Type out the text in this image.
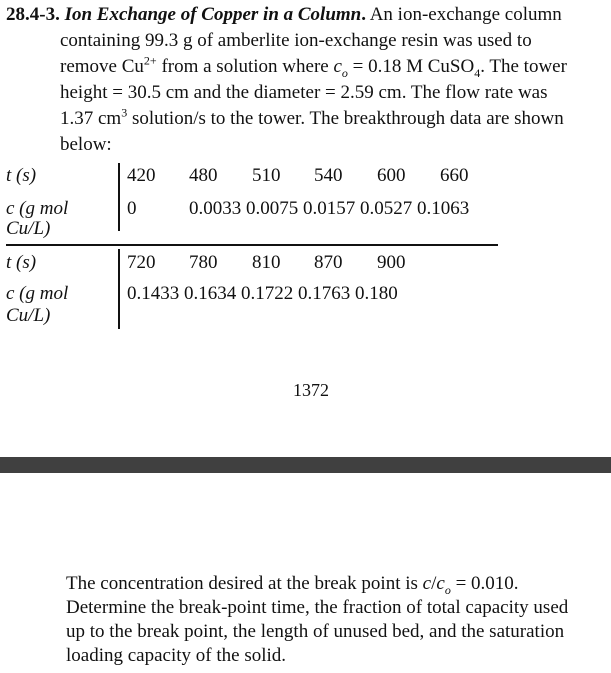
28.4-3. Ion Exchange of Copper in a Column. An ion-exchange column
containing 99.3 g of amberlite ion-exchange resin was used to
remove $Cu^{2+}$ from a solution where $c_o = 0.18$ M CuSO$_4$. The tower
height = 30.5 cm and the diameter = 2.59 cm. The flow rate was
1.37 $cm^3$ solution/s to the tower. The breakthrough data are shown
below:
t (s)	420 480 510 540 600 660
c (g mol	0	0.0033 0.0075 0.0157 0.0527 0.1063
Cu/L)
t (s)	720 780 810 870 900
c (g mol	0.1433 0.1634 0.1722 0.1763 0.180
Cu/L)
1372
The concentration desired at the break point is $c/c_o = 0.010$.
Determine the break-point time, the fraction of total capacity used
up to the break point, the length of unused bed, and the saturation
loading capacity of the solid.
